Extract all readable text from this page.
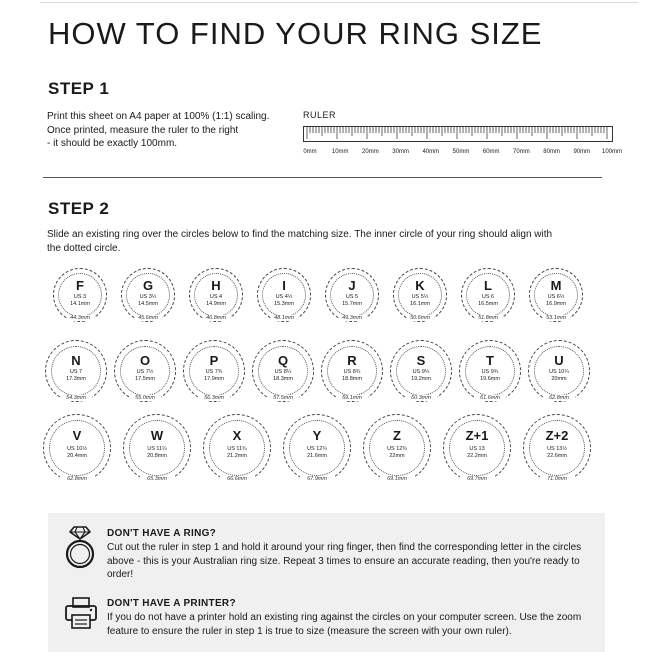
HOW TO FIND YOUR RING SIZE
STEP 1

Print this sheet on A4 paper at 100% (1:1) scaling.

Once printed, measure the ruler to the right

- it should be exactly 100mm.

RULER
0mm	10mm 20mm 30mm 40mm 50mm 60mm 70mm 80mm 90mm 100mm
STEP 2

Slide an existing ring over the circles below to find the matching size. The inner circle of your ring should align with the dotted circle.

F
US 3
14.1mm
44.3mm
G
US 3½
14.5mm
45.6mm
H
US 4
14.9mm
46.8mm
I
US 4½
15.3mm
48.1mm
J
US 5
15.7mm
49.3mm
K
US 5½
16.1mm
50.6mm
L
US 6
16.5mm
51.8mm
M
US 6½
16.9mm
53.1mm
N
US 7
17.3mm
54.3mm
O
US 7½
17.5mm
55.0mm
P
US 7¾
17.9mm
56.3mm
Q
US 8¼
18.3mm
57.5mm
R
US 8¾
18.8mm
59.1mm
S
US 9¼
19.2mm
60.3mm
T
US 9¾
19.6mm
61.6mm
U
US 10¼
20mm
62.8mm
V
US 10½
20.4mm
62.8mm
W
US 11¼
20.8mm
65.3mm
X
US 11¾
21.2mm
66.6mm
Y
US 12¼
21.6mm
67.9mm
Z
US 12¾
22mm
69.1mm
Z+1
US 13
22.2mm
69.7mm
Z+2
US 13½
22.6mm
71.0mm
DON'T HAVE A RING?

Cut out the ruler in step 1 and hold it around your ring finger, then find the corresponding letter in the circles above - this is your Australian ring size. Repeat 3 times to ensure an accurate reading, then you're ready to order!

DON'T HAVE A PRINTER?

If you do not have a printer hold an existing ring against the circles on your computer screen. Use the zoom feature to ensure the ruler in step 1 is true to size (measure the screen with your own ruler).
